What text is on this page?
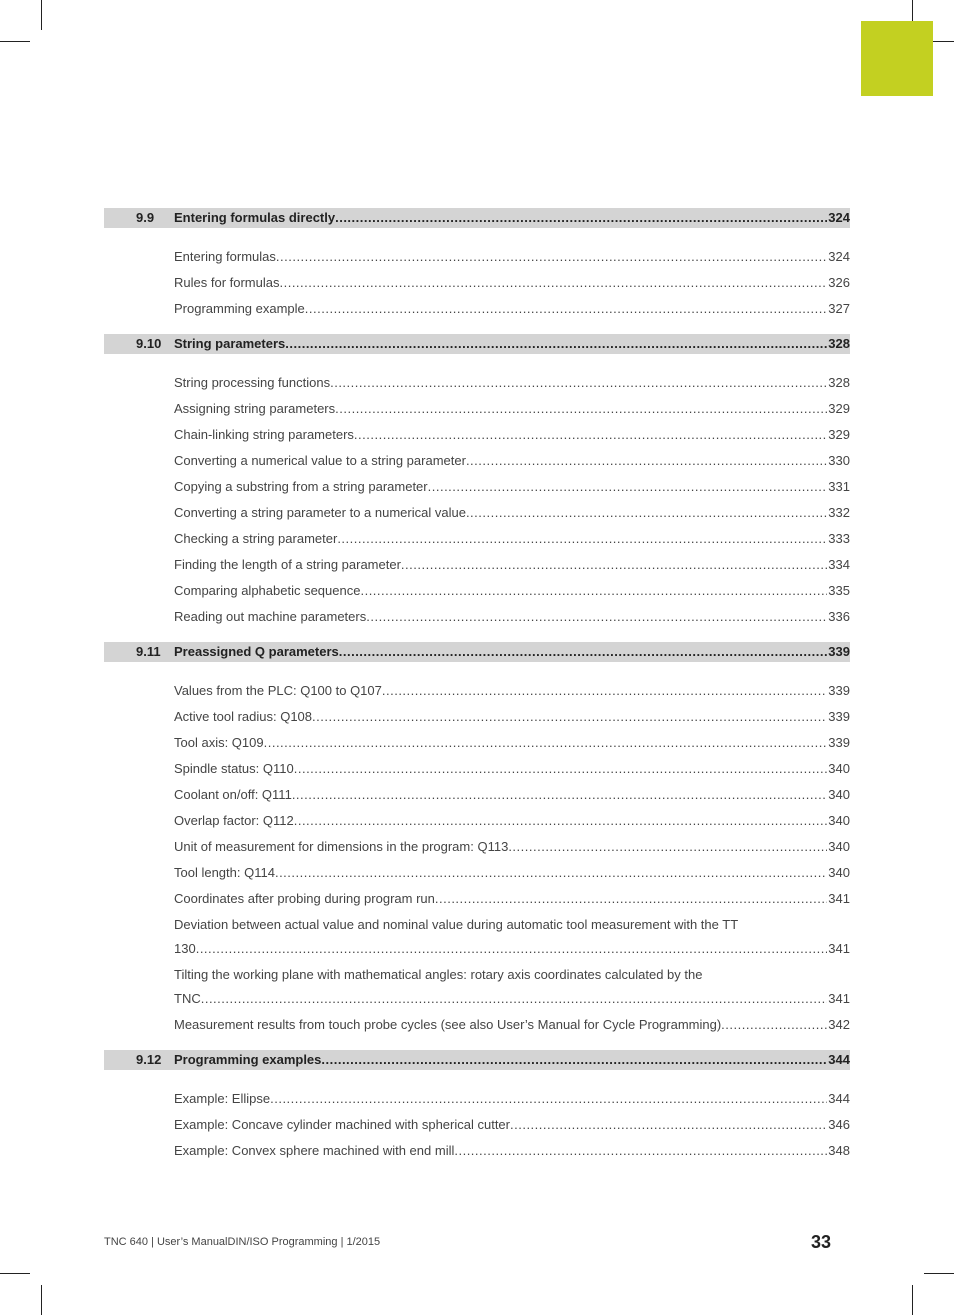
9.9 Entering formulas directly .....	324
Entering formulas .....	324
Rules for formulas .....	326
Programming example .....	327
9.10 String parameters .....	328
String processing functions .....	328
Assigning string parameters .....	329
Chain-linking string parameters .....	329
Converting a numerical value to a string parameter .....	330
Copying a substring from a string parameter .....	331
Converting a string parameter to a numerical value .....	332
Checking a string parameter .....	333
Finding the length of a string parameter .....	334
Comparing alphabetic sequence .....	335
Reading out machine parameters .....	336
9.11 Preassigned Q parameters .....	339
Values from the PLC: Q100 to Q107 .....	339
Active tool radius: Q108 .....	339
Tool axis: Q109 .....	339
Spindle status: Q110 .....	340
Coolant on/off: Q111 .....	340
Overlap factor: Q112 .....	340
Unit of measurement for dimensions in the program: Q113 .....	340
Tool length: Q114 .....	340
Coordinates after probing during program run .....	341
Deviation between actual value and nominal value during automatic tool measurement with the TT
130 .....	341
Tilting the working plane with mathematical angles: rotary axis coordinates calculated by the
TNC .....	341
Measurement results from touch probe cycles (see also User’s Manual for Cycle Programming) .....	342
9.12 Programming examples .....	344
Example: Ellipse .....	344
Example: Concave cylinder machined with spherical cutter .....	346
Example: Convex sphere machined with end mill .....	348
TNC 640 | User’s ManualDIN/ISO Programming | 1/2015	33
